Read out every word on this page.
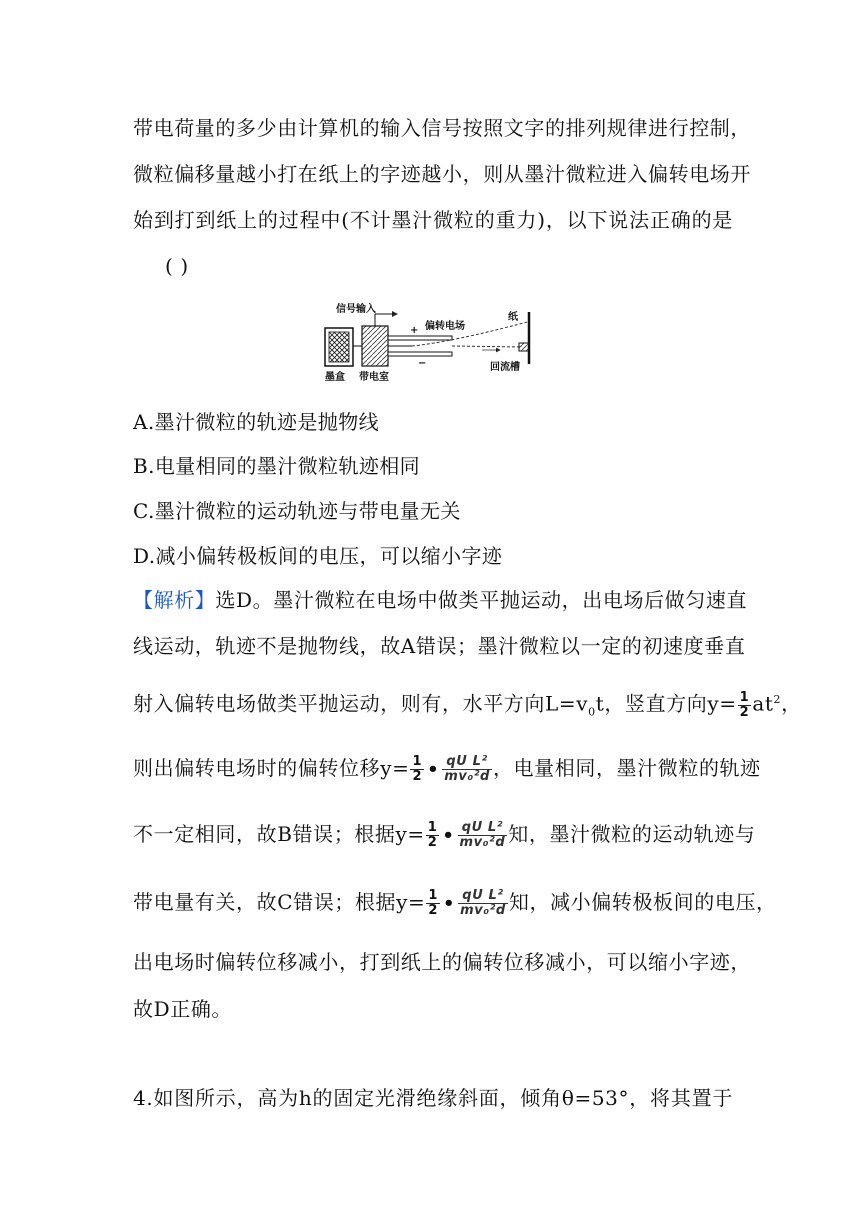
带电荷量的多少由计算机的输入信号按照文字的排列规律进行控制，
微粒偏移量越小打在纸上的字迹越小，则从墨汁微粒进入偏转电场开
始到打到纸上的过程中(不计墨汁微粒的重力)，以下说法正确的是
( )
信号输入
+
−
偏转电场
纸
墨盒 带电室
回流槽
A.墨汁微粒的轨迹是抛物线
B.电量相同的墨汁微粒轨迹相同
C.墨汁微粒的运动轨迹与带电量无关
D.减小偏转极板间的电压，可以缩小字迹
【解析】选D。墨汁微粒在电场中做类平抛运动，出电场后做匀速直
线运动，轨迹不是抛物线，故A错误；墨汁微粒以一定的初速度垂直
射入偏转电场做类平抛运动，则有，水平方向$L=v_0t$，竖直方向$y= \frac{1}{2} at^2$，
则出偏转电场时的偏转位移$y= \frac{1}{2}$ • $\frac{\text{qU L²}}{\text{mv₀²d}}$ ，电量相同，墨汁微粒的轨迹
不一定相同，故B错误；根据$y= \frac{1}{2}$ • $\frac{\text{qU L²}}{\text{mv₀²d}}$ 知，墨汁微粒的运动轨迹与
带电量有关，故C错误；根据$y= \frac{1}{2}$ • $\frac{\text{qU L²}}{\text{mv₀²d}}$ 知，减小偏转极板间的电压，
出电场时偏转位移减小，打到纸上的偏转位移减小，可以缩小字迹，
故D正确。
4.如图所示，高为h的固定光滑绝缘斜面，倾角θ=53°，将其置于
